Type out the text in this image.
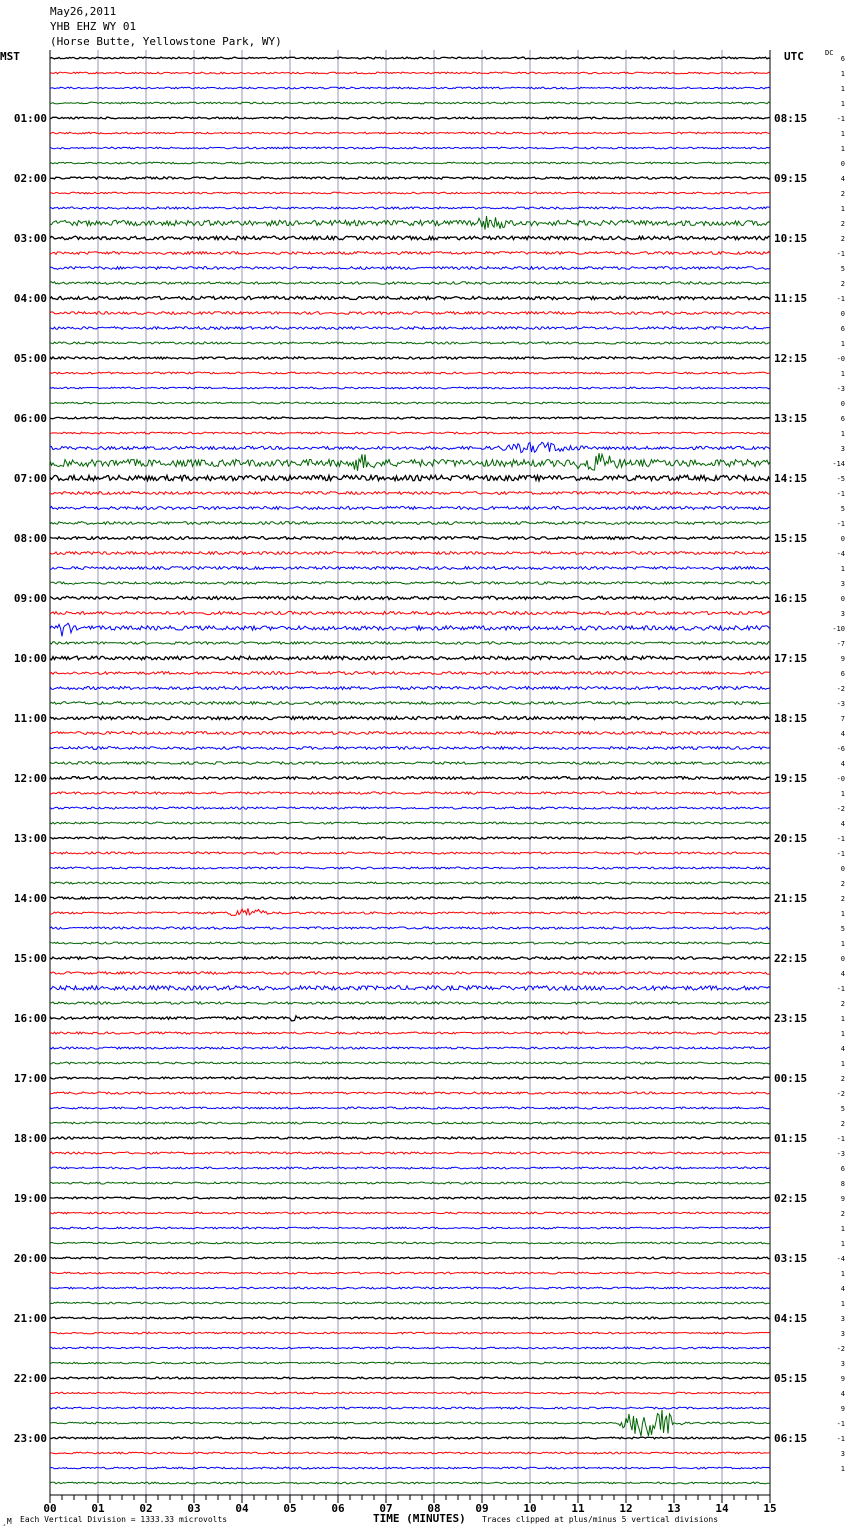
May26,2011
YHB EHZ WY 01
(Horse Butte, Yellowstone Park, WY)
MST	UTC	DC
01:00
02:00
03:00
04:00
05:00
06:00
07:00
08:00
09:00
10:00
11:00
12:00
13:00
14:00
15:00
16:00
17:00
18:00
19:00
20:00
21:00
22:00
23:00
08:15
09:15
10:15
11:15
12:15
13:15
14:15
15:15
16:15
17:15
18:15
19:15
20:15
21:15
22:15
23:15
00:15
01:15
02:15
03:15
04:15
05:15
06:15
6
1
1
1
-1
1
1
0
4
2
1
2
2
-1
5
2
-1
0
6
1
-0
1
-3
0
6
1
3
-14
-5
-1
5
-1
0
-4
1
3
0
3
-10
-7
9
6
-2
-3
7
4
-6
4
-0
1
-2
4
-1
-1
0
2
2
1
5
1
0
4
-1
2
1
1
4
1
2
-2
5
2
-1
-3
6
8
9
2
1
1
-4
1
4
1
3
3
-2
3
9
4
9
-1
-1
3
1
00	01	02	03	04	05	06	07	08	09	10	11	12	13	14	15
¸M Each Vertical Division = 1333.33 microvolts	TIME (MINUTES) Traces clipped at plus/minus 5 vertical divisions
